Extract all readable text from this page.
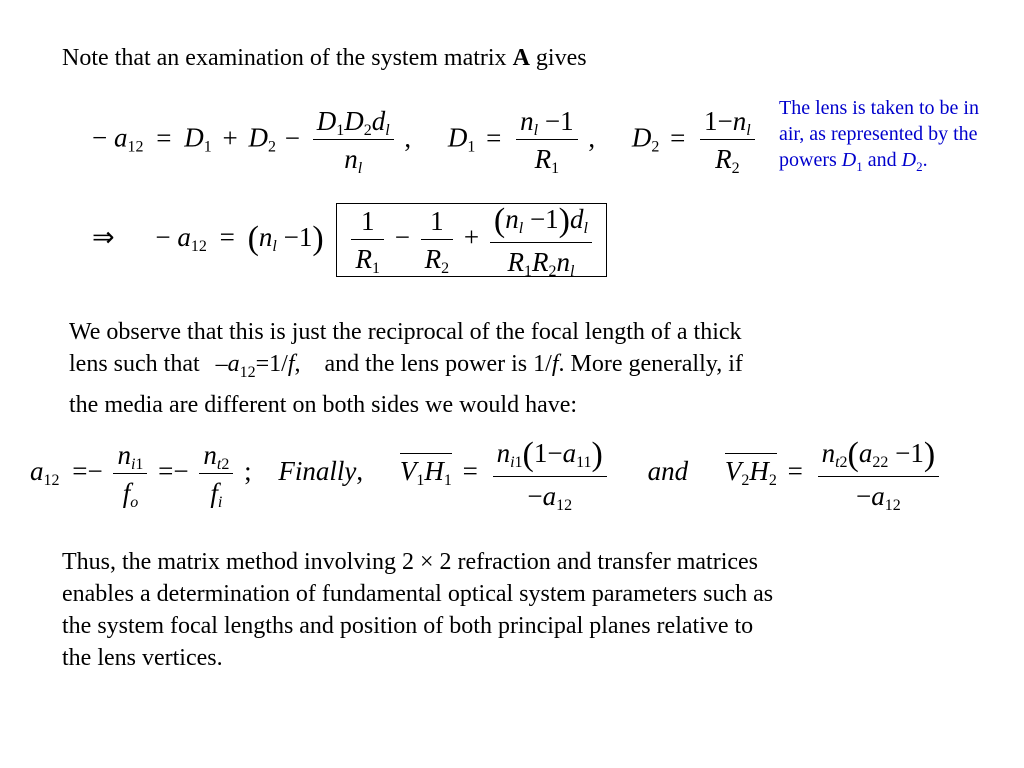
Note that an examination of the system matrix A gives
The lens is taken to be in air, as represented by the powers $D_1$ and $D_2$.
− $a_{12} = D_1 + D_2 - \frac{D_1D_2d_l}{n_l}$ , $D_1 = \frac{n_l -1}{R_1}$ , $D_2 = \frac{1-n_l}{R_2}$
⇒ − $a_{12} = (n_l -1) \frac{1}{R_1} - \frac{1}{R_2} + \frac{(n_l -1)d_l}{R_1R_2n_l}$
We observe that this is just the reciprocal of the focal length of a thick
lens such that $-a_{12}=1/f$, and the lens power is 1/f. More generally, if
the media are different on both sides we would have:
$a_{12} =- \frac{n_{i1}}{f_o} =- \frac{n_{t2}}{f_i}$ ; Finally, $V_1H_1 = \frac{n_{i1}(1-a_{11})}{-a_{12}}$ and $V_2H_2 = \frac{n_{t2}(a_{22} -1)}{-a_{12}}$
Thus, the matrix method involving 2 × 2 refraction and transfer matrices
enables a determination of fundamental optical system parameters such as
the system focal lengths and position of both principal planes relative to
the lens vertices.
